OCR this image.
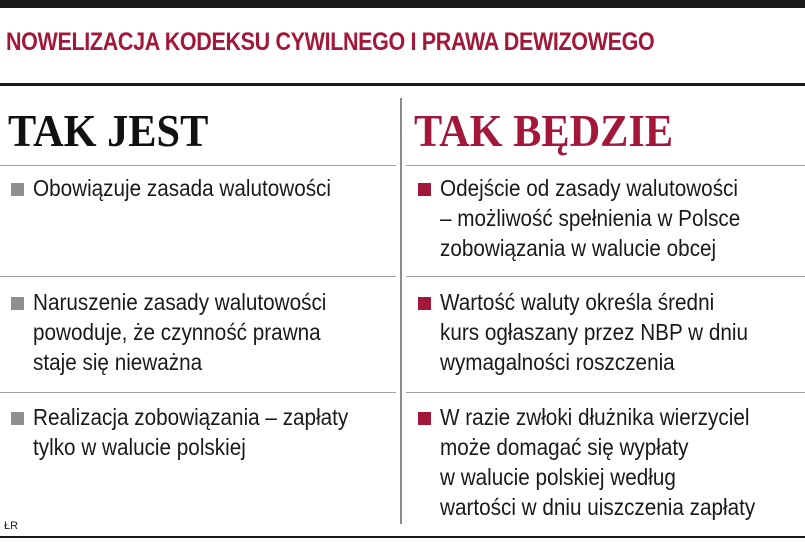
NOWELIZACJA KODEKSU CYWILNEGO I PRAWA DEWIZOWEGO
TAK JEST	TAK BĘDZIE
Obowiązuje zasada walutowości
Naruszenie zasady walutowości
powoduje, że czynność prawna
staje się nieważna
Realizacja zobowiązania – zapłaty
tylko w walucie polskiej
Odejście od zasady walutowości
– możliwość spełnienia w Polsce
zobowiązania w walucie obcej
Wartość waluty określa średni
kurs ogłaszany przez NBP w dniu
wymagalności roszczenia
W razie zwłoki dłużnika wierzyciel
może domagać się wypłaty
w walucie polskiej według
wartości w dniu uiszczenia zapłaty
ŁR
